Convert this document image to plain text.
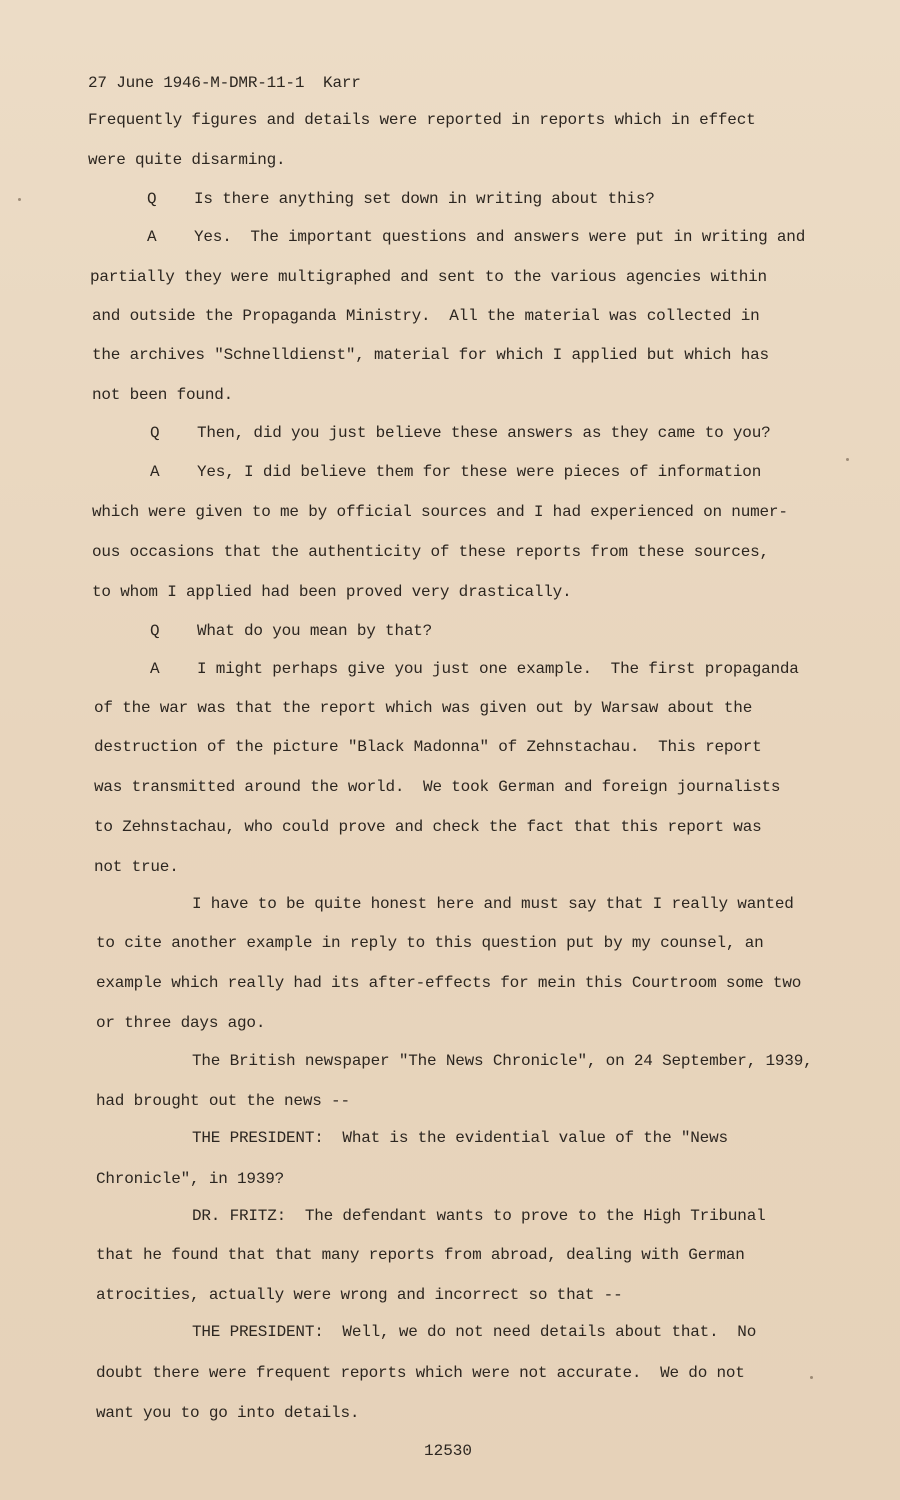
27 June 1946-M-DMR-11-1  Karr
Frequently figures and details were reported in reports which in effect
were quite disarming.
Q    Is there anything set down in writing about this?
A    Yes.  The important questions and answers were put in writing and
partially they were multigraphed and sent to the various agencies within
and outside the Propaganda Ministry.  All the material was collected in
the archives "Schnelldienst", material for which I applied but which has
not been found.
Q    Then, did you just believe these answers as they came to you?
A    Yes, I did believe them for these were pieces of information
which were given to me by official sources and I had experienced on numer-
ous occasions that the authenticity of these reports from these sources,
to whom I applied had been proved very drastically.
Q    What do you mean by that?
A    I might perhaps give you just one example.  The first propaganda
of the war was that the report which was given out by Warsaw about the
destruction of the picture "Black Madonna" of Zehnstachau.  This report
was transmitted around the world.  We took German and foreign journalists
to Zehnstachau, who could prove and check the fact that this report was
not true.
I have to be quite honest here and must say that I really wanted
to cite another example in reply to this question put by my counsel, an
example which really had its after-effects for mein this Courtroom some two
or three days ago.
The British newspaper "The News Chronicle", on 24 September, 1939,
had brought out the news --
THE PRESIDENT:  What is the evidential value of the "News
Chronicle", in 1939?
DR. FRITZ:  The defendant wants to prove to the High Tribunal
that he found that that many reports from abroad, dealing with German
atrocities, actually were wrong and incorrect so that --
THE PRESIDENT:  Well, we do not need details about that.  No
doubt there were frequent reports which were not accurate.  We do not
want you to go into details.
12530
